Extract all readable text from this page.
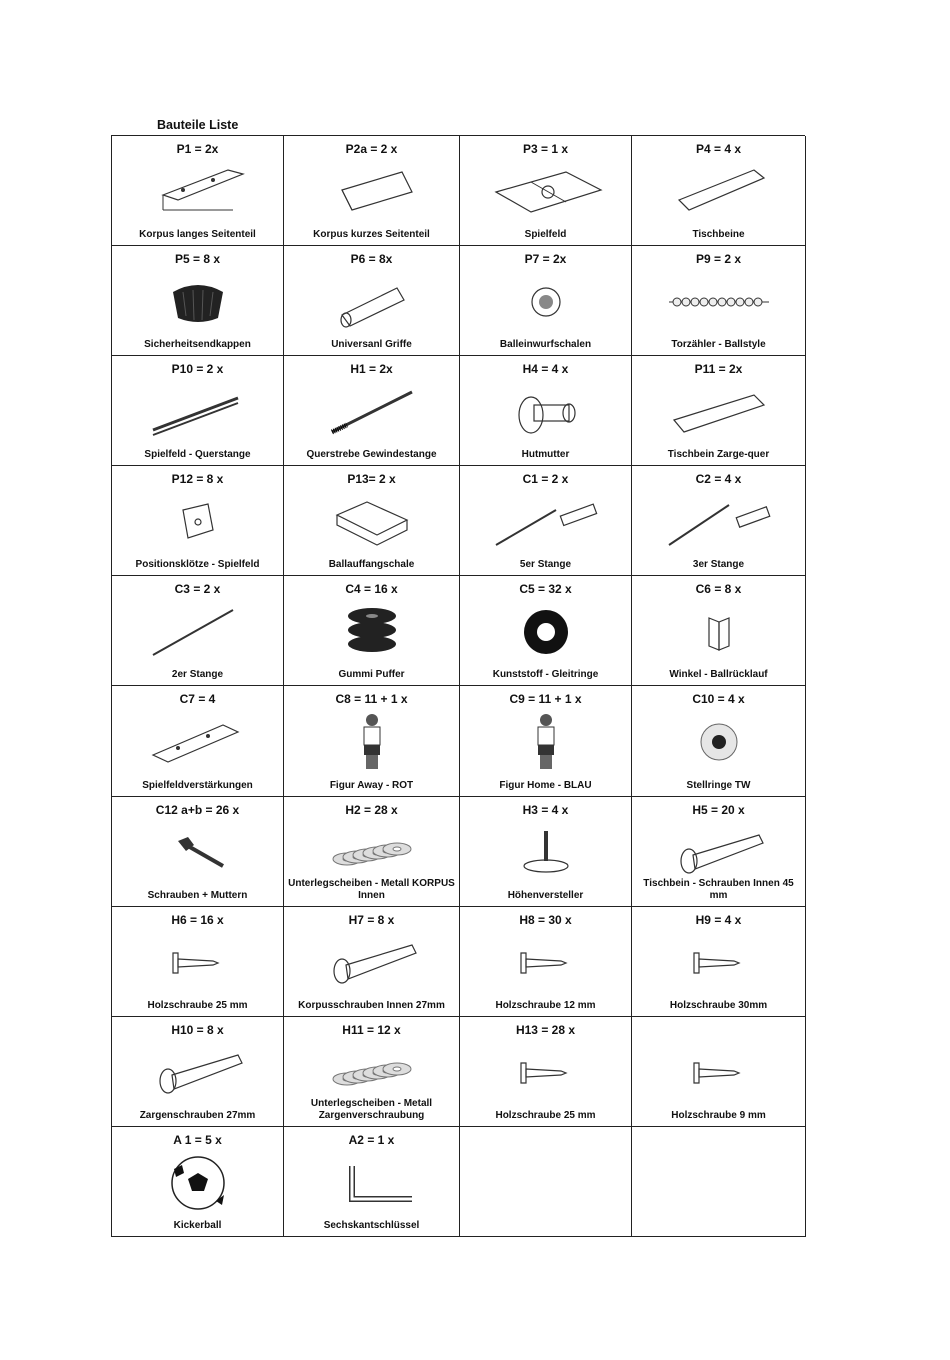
Bauteile Liste
P1 = 2x
Korpus langes Seitenteil
P2a = 2 x
Korpus kurzes Seitenteil
P3 = 1 x
Spielfeld
P4 = 4 x
Tischbeine
P5 = 8 x
Sicherheitsendkappen
P6 = 8x
Universanl Griffe
P7 = 2x
Balleinwurfschalen
P9 = 2 x
Torzähler - Ballstyle
P10 = 2 x
Spielfeld - Querstange
H1 = 2x
Querstrebe Gewindestange
H4 = 4 x
Hutmutter
P11 = 2x
Tischbein Zarge-quer
P12 = 8 x
Positionsklötze - Spielfeld
P13= 2 x
Ballauffangschale
C1 = 2 x
5er Stange
C2 = 4 x
3er Stange
C3 = 2 x
2er Stange
C4 = 16 x
Gummi Puffer
C5 = 32 x
Kunststoff - Gleitringe
C6 = 8 x
Winkel - Ballrücklauf
C7 = 4
Spielfeldverstärkungen
C8 = 11 + 1 x
Figur Away - ROT
C9 = 11 + 1 x
Figur Home - BLAU
C10 = 4 x
Stellringe TW
C12 a+b = 26 x
Schrauben + Muttern
H2 = 28 x
Unterlegscheiben - Metall KORPUS Innen
H3 = 4 x
Höhenversteller
H5 = 20 x
Tischbein - Schrauben Innen 45 mm
H6 = 16 x
Holzschraube 25 mm
H7 = 8 x
Korpusschrauben Innen 27mm
H8 = 30 x
Holzschraube 12 mm
H9 = 4 x
Holzschraube 30mm
H10 = 8 x
Zargenschrauben 27mm
H11 = 12 x
Unterlegscheiben - Metall Zargenverschraubung
H13 = 28 x
Holzschraube 25 mm	Holzschraube 9 mm
A 1 = 5 x
Kickerball
A2 = 1 x
Sechskantschlüssel
